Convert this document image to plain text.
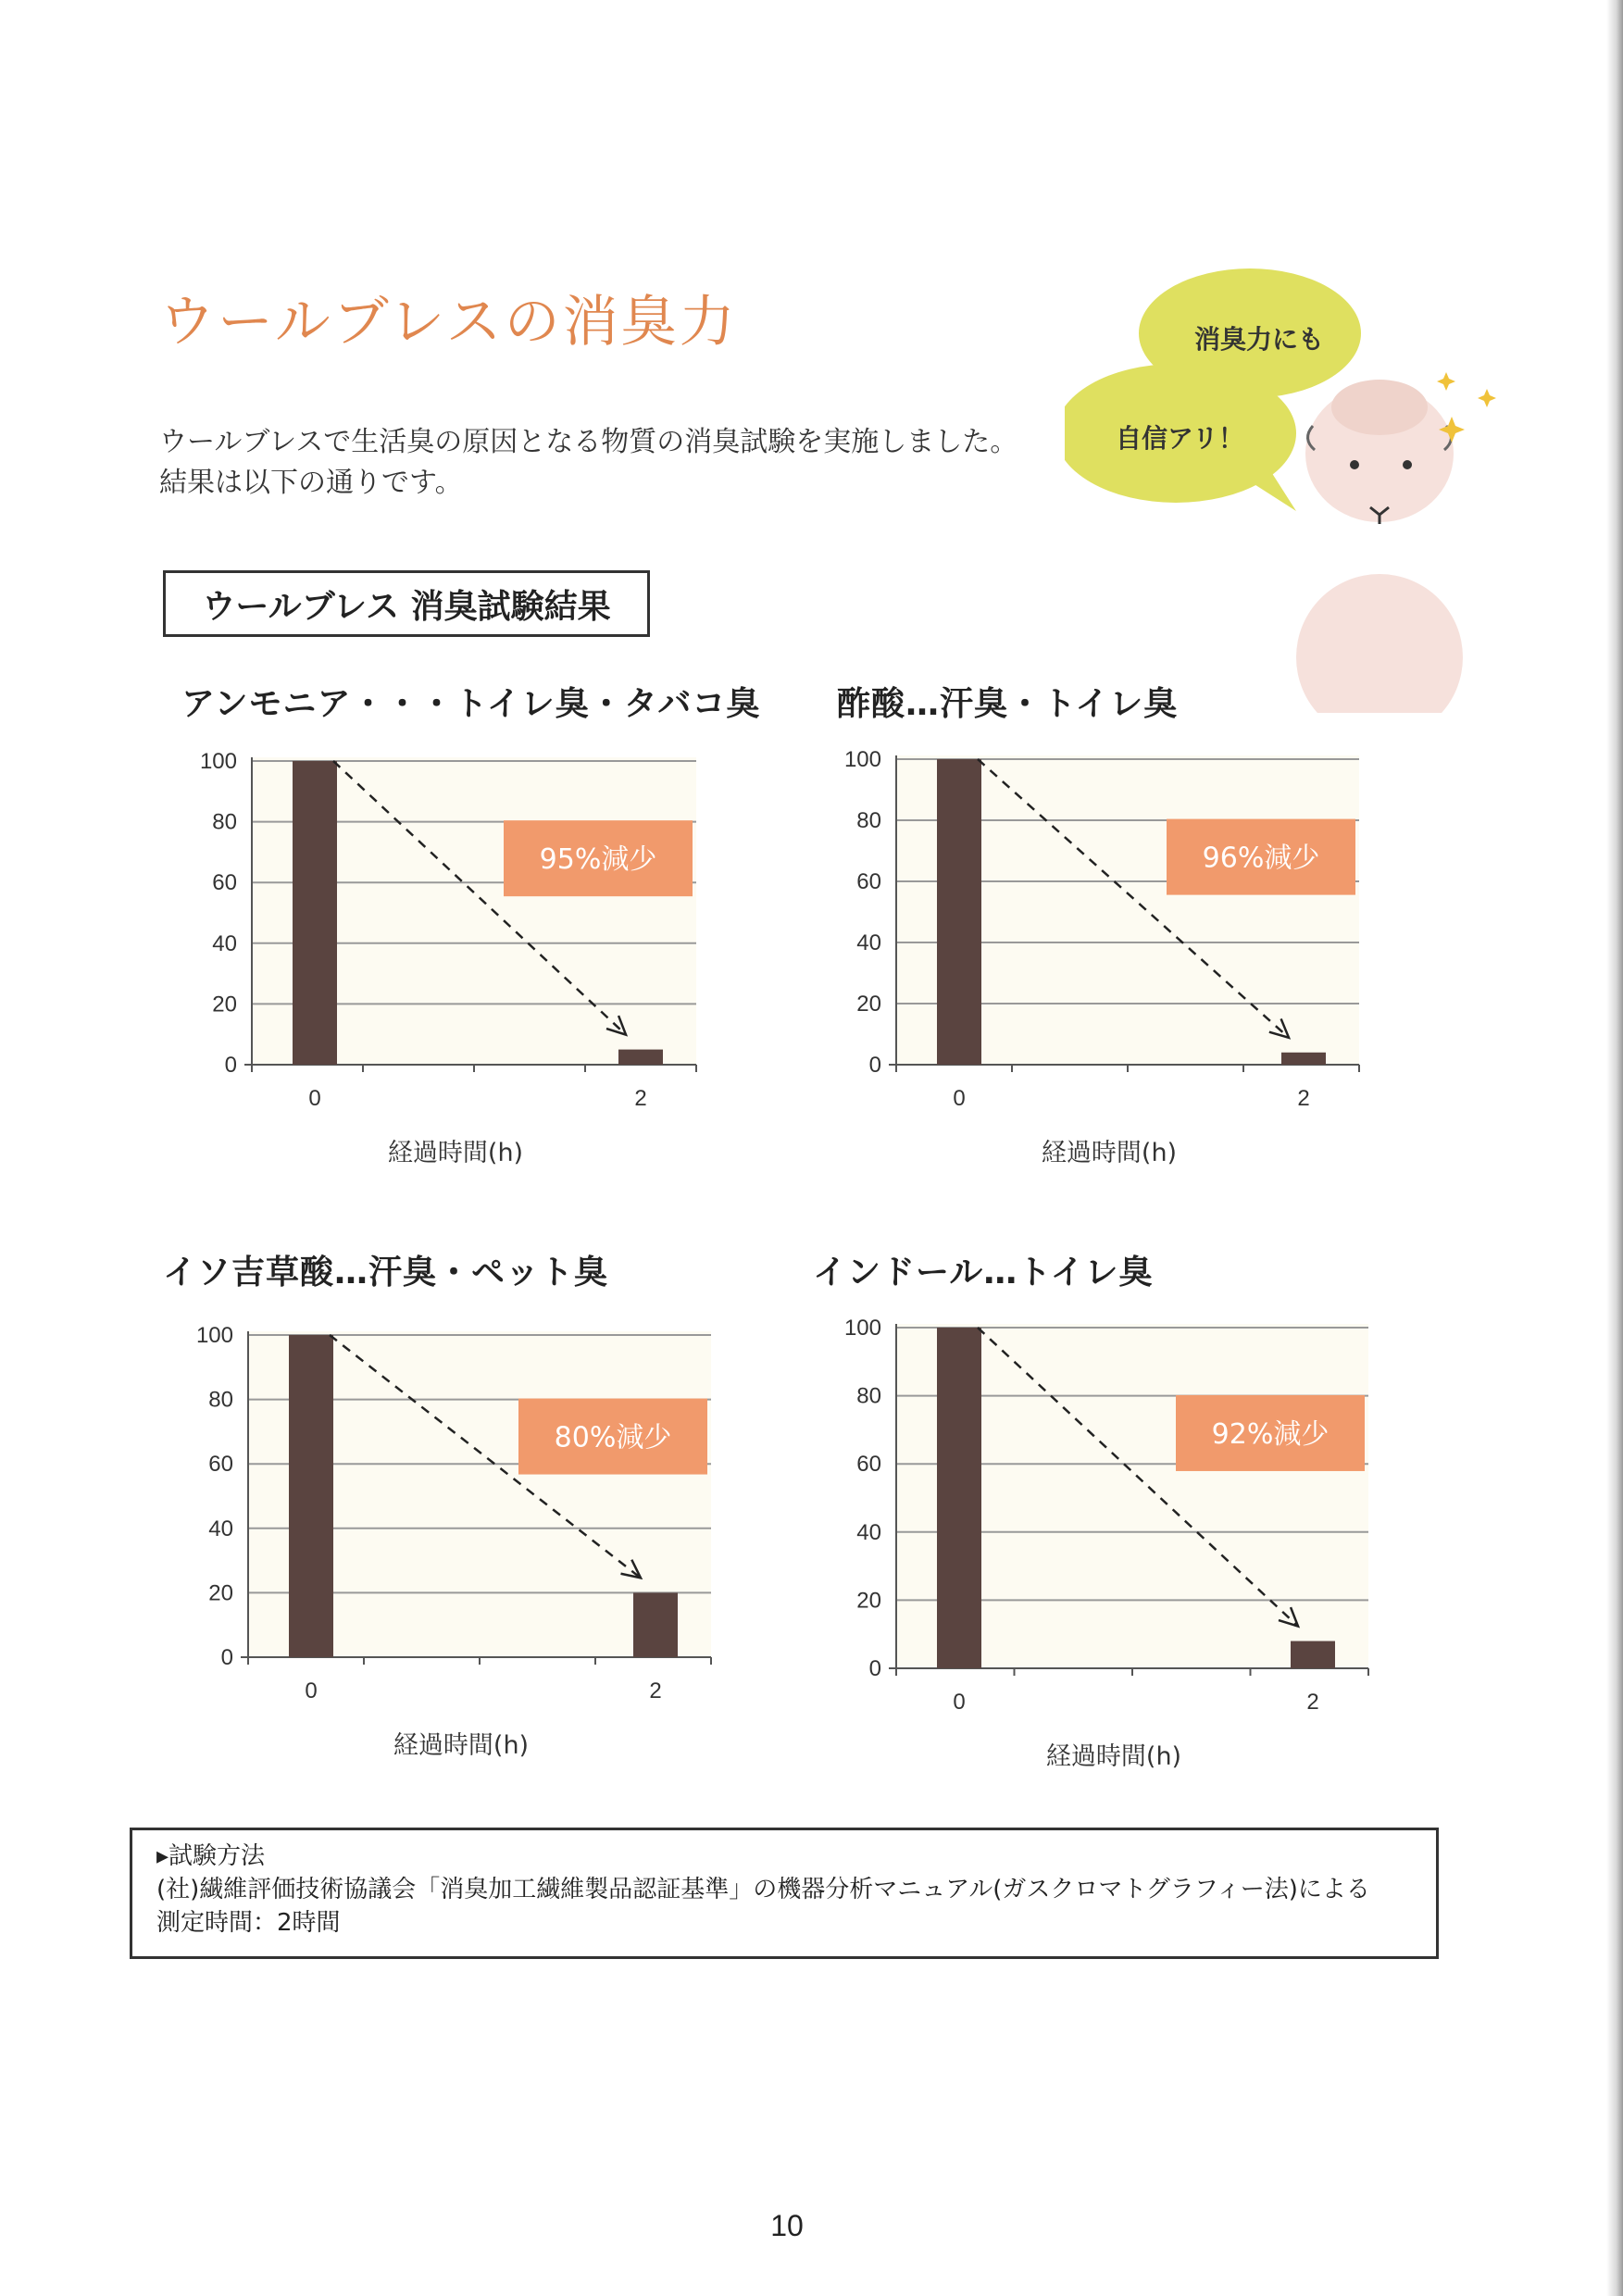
ウールブレスの消臭力
ウールブレスで生活臭の原因となる物質の消臭試験を実施しました。
結果は以下の通りです。
消臭力にも
自信アリ！
ウールブレス 消臭試験結果
アンモニア・・・トイレ臭・タバコ臭 酢酸…汗臭・トイレ臭
イソ吉草酸…汗臭・ペット臭	インドール…トイレ臭
0
20
40
60
80
100
0	2
95%減少
経過時間(h)
0
20
40
60
80
100
0	2
96%減少
経過時間(h)
0
20
40
60
80
100
0	2
80%減少
経過時間(h)
0
20
40
60
80
100
0	2
92%減少
経過時間(h)
▸試験方法
(社)繊維評価技術協議会「消臭加工繊維製品認証基準」の機器分析マニュアル(ガスクロマトグラフィー法)による
測定時間：2時間
10
